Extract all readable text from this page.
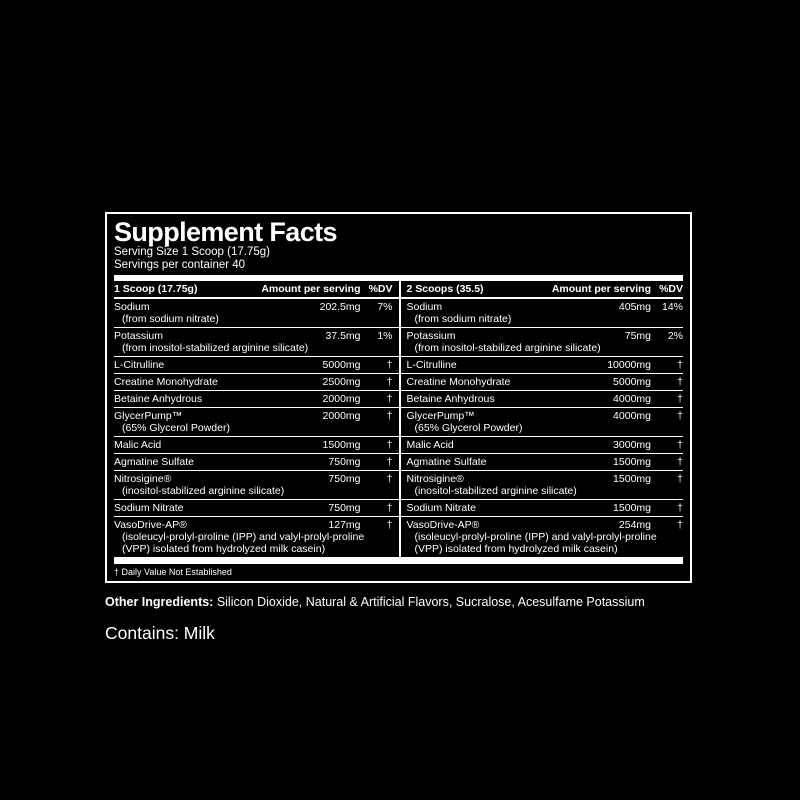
Supplement Facts
Serving Size 1 Scoop (17.75g)
Servings per container 40
1 Scoop (17.75g)	Amount per serving %DV 2 Scoops (35.5)	Amount per serving %DV
Sodium	202.5mg	7%
(from sodium nitrate)
Sodium	405mg	14%
(from sodium nitrate)
Potassium	37.5mg	1%
(from inositol-stabilized arginine silicate)
Potassium	75mg	2%
(from inositol-stabilized arginine silicate)
L-Citrulline	5000mg	† L-Citrulline	10000mg	†
Creatine Monohydrate	2500mg	† Creatine Monohydrate	5000mg	†
Betaine Anhydrous	2000mg	† Betaine Anhydrous	4000mg	†
GlycerPump™	2000mg	†
(65% Glycerol Powder)
GlycerPump™	4000mg	†
(65% Glycerol Powder)
Malic Acid	1500mg	† Malic Acid	3000mg	†
Agmatine Sulfate	750mg	† Agmatine Sulfate	1500mg	†
Nitrosigine®	750mg	†
(inositol-stabilized arginine silicate)
Nitrosigine®	1500mg	†
(inositol-stabilized arginine silicate)
Sodium Nitrate	750mg	† Sodium Nitrate	1500mg	†
VasoDrive-AP®	127mg	†
(isoleucyl-prolyl-proline (IPP) and valyl-prolyl-proline (VPP) isolated from hydrolyzed milk casein)
VasoDrive-AP®	254mg	†
(isoleucyl-prolyl-proline (IPP) and valyl-prolyl-proline (VPP) isolated from hydrolyzed milk casein)
† Daily Value Not Established
Other Ingredients: Silicon Dioxide, Natural & Artificial Flavors, Sucralose, Acesulfame Potassium
Contains: Milk
